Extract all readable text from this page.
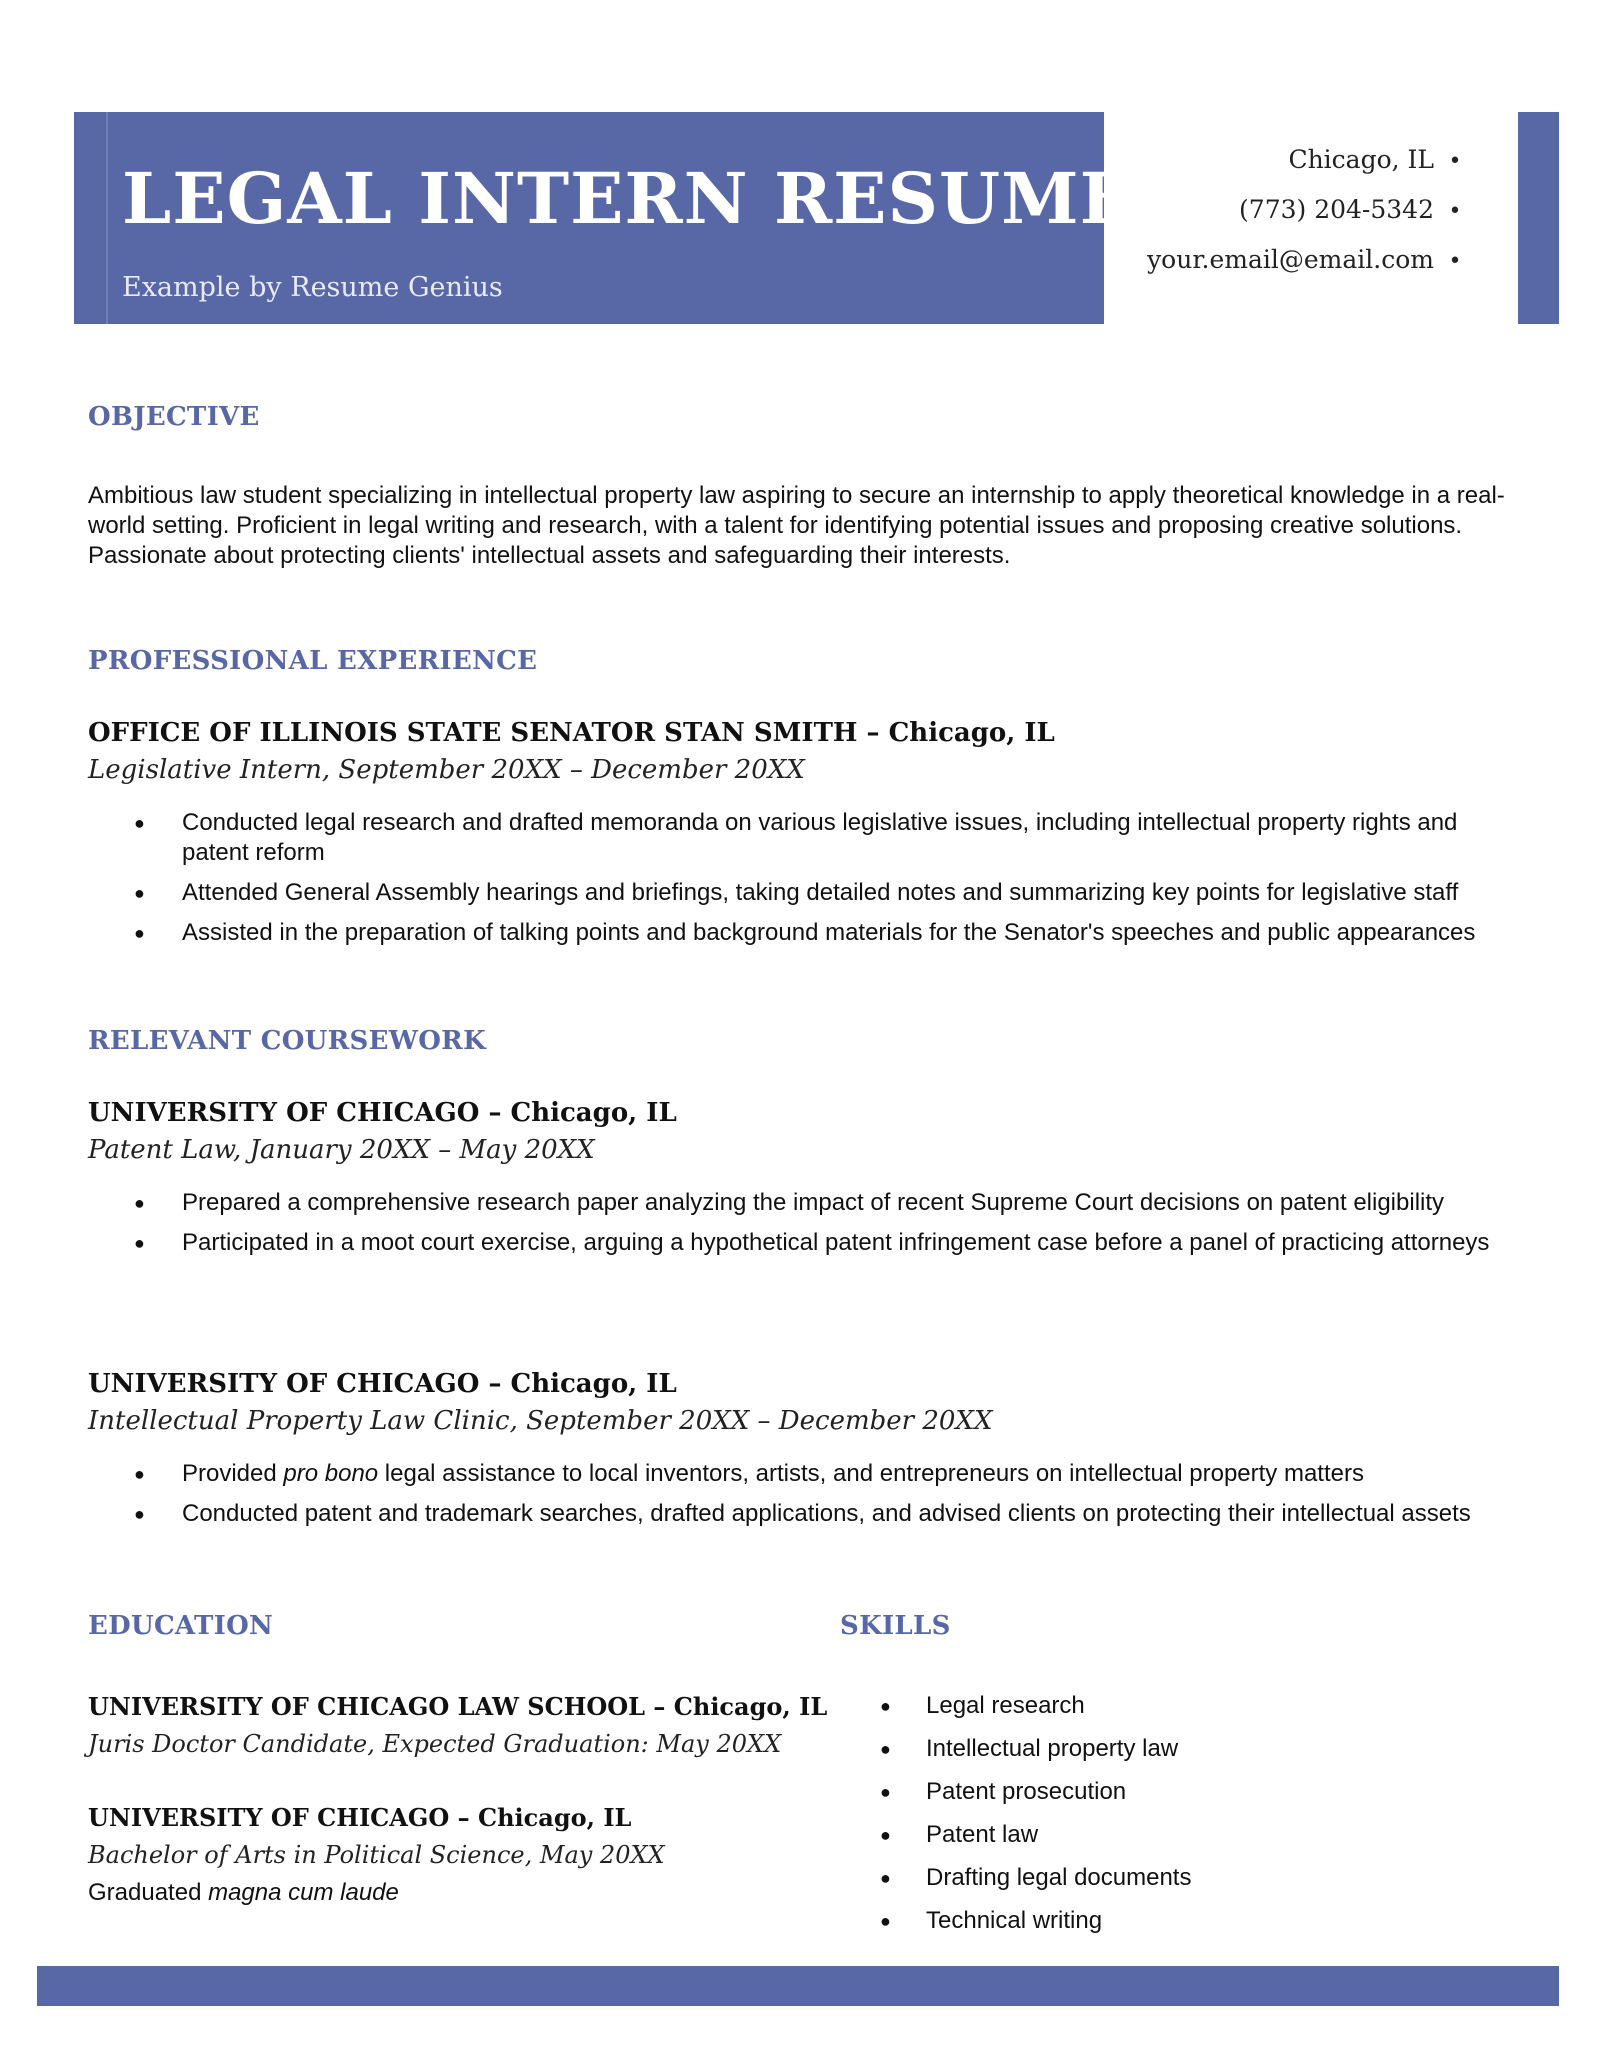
LEGAL INTERN RESUME
Example by Resume Genius
Chicago, IL •
(773) 204-5342 •
your.email@email.com •
OBJECTIVE

Ambitious law student specializing in intellectual property law aspiring to secure an internship to apply theoretical knowledge in a real-world setting. Proficient in legal writing and research, with a talent for identifying potential issues and proposing creative solutions. Passionate about protecting clients' intellectual assets and safeguarding their interests.

PROFESSIONAL EXPERIENCE
OFFICE OF ILLINOIS STATE SENATOR STAN SMITH – Chicago, IL
Legislative Intern, September 20XX – December 20XX
● Conducted legal research and drafted memoranda on various legislative issues, including intellectual property rights and patent reform
● Attended General Assembly hearings and briefings, taking detailed notes and summarizing key points for legislative staff
● Assisted in the preparation of talking points and background materials for the Senator's speeches and public appearances
RELEVANT COURSEWORK
UNIVERSITY OF CHICAGO – Chicago, IL
Patent Law, January 20XX – May 20XX
● Prepared a comprehensive research paper analyzing the impact of recent Supreme Court decisions on patent eligibility
● Participated in a moot court exercise, arguing a hypothetical patent infringement case before a panel of practicing attorneys
UNIVERSITY OF CHICAGO – Chicago, IL
Intellectual Property Law Clinic, September 20XX – December 20XX
● Provided pro bono legal assistance to local inventors, artists, and entrepreneurs on intellectual property matters
● Conducted patent and trademark searches, drafted applications, and advised clients on protecting their intellectual assets
EDUCATION
UNIVERSITY OF CHICAGO LAW SCHOOL – Chicago, IL
Juris Doctor Candidate, Expected Graduation: May 20XX
UNIVERSITY OF CHICAGO – Chicago, IL
Bachelor of Arts in Political Science, May 20XX
Graduated magna cum laude
SKILLS
● Legal research
● Intellectual property law
● Patent prosecution
● Patent law
● Drafting legal documents
● Technical writing
